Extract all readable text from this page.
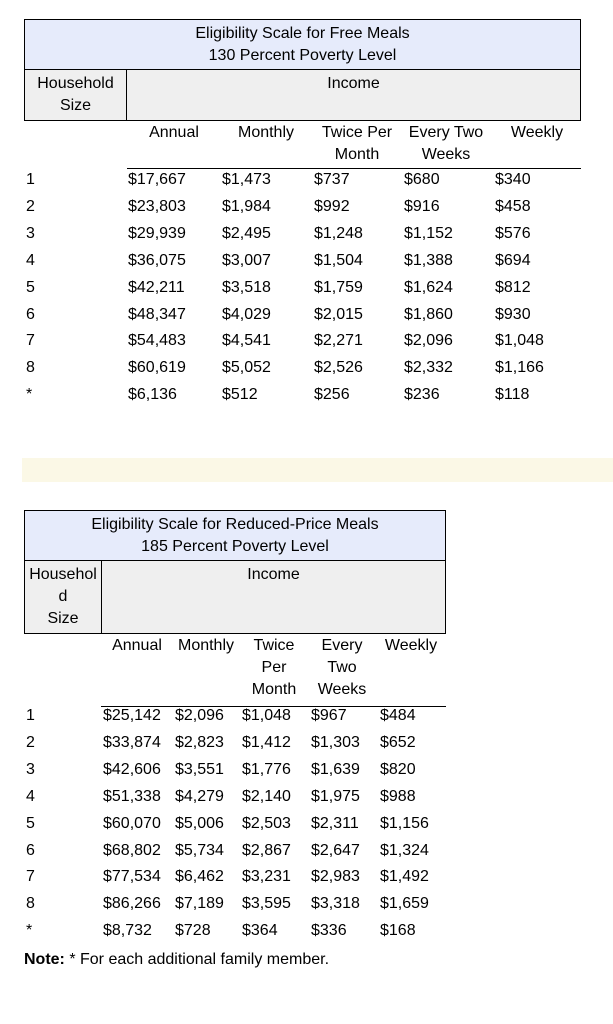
Eligibility Scale for Free Meals
130 Percent Poverty Level
Household
Size
Income
Annual
	Monthly
	Twice Per
Month
Every Two
Weeks
Weekly

1	$17,667 $1,473	$737	$680	$340
2	$23,803 $1,984	$992	$916	$458
3	$29,939 $2,495	$1,248	$1,152	$576
4	$36,075 $3,007	$1,504	$1,388	$694
5	$42,211 $3,518	$1,759	$1,624	$812
6	$48,347 $4,029	$2,015	$1,860	$930
7	$54,483 $4,541	$2,271	$2,096	$1,048
8	$60,619 $5,052	$2,526	$2,332	$1,166
*	$6,136	$512	$256	$236	$118
Eligibility Scale for Reduced-Price Meals
185 Percent Poverty Level
Househol
d
Size
Income
Annual

	Monthly

	Twice
Per
Month
Every
Two
Weeks
Weekly

1	$25,142 $2,096 $1,048 $967 $484
2	$33,874 $2,823 $1,412 $1,303 $652
3	$42,606 $3,551 $1,776 $1,639 $820
4	$51,338 $4,279 $2,140 $1,975 $988
5	$60,070 $5,006 $2,503 $2,311 $1,156
6	$68,802 $5,734 $2,867 $2,647 $1,324
7	$77,534 $6,462 $3,231 $2,983 $1,492
8	$86,266 $7,189 $3,595 $3,318 $1,659
*	$8,732 $728 $364 $336 $168
Note: * For each additional family member.
